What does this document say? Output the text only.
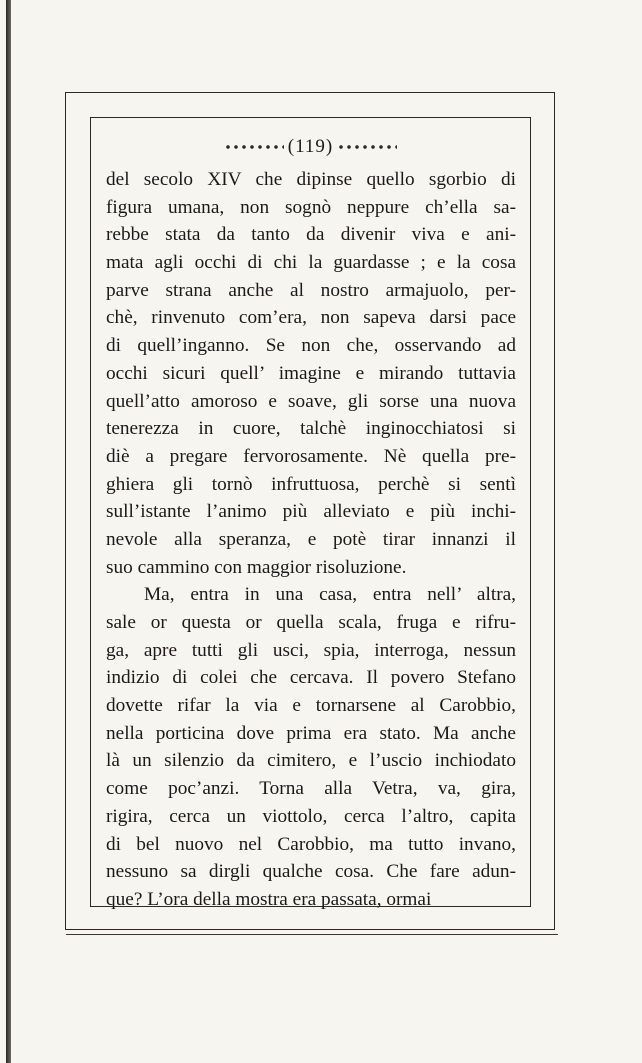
( 119 )
del secolo XIV che dipinse quello sgorbio di
figura umana, non sognò neppure ch’ella sa-
rebbe stata da tanto da divenir viva e ani-
mata agli occhi di chi la guardasse ; e la cosa
parve strana anche al nostro armajuolo, per-
chè, rinvenuto com’era, non sapeva darsi pace
di quell’inganno. Se non che, osservando ad
occhi sicuri quell’ imagine e mirando tuttavia
quell’atto amoroso e soave, gli sorse una nuova
tenerezza in cuore, talchè inginocchiatosi si
diè a pregare fervorosamente. Nè quella pre-
ghiera gli tornò infruttuosa, perchè si sentì
sull’istante l’animo più alleviato e più inchi-
nevole alla speranza, e potè tirar innanzi il
suo cammino con maggior risoluzione.
Ma, entra in una casa, entra nell’ altra,
sale or questa or quella scala, fruga e rifru-
ga, apre tutti gli usci, spia, interroga, nessun
indizio di colei che cercava. Il povero Stefano
dovette rifar la via e tornarsene al Carobbio,
nella porticina dove prima era stato. Ma anche
là un silenzio da cimitero, e l’uscio inchiodato
come poc’anzi. Torna alla Vetra, va, gira,
rigira, cerca un viottolo, cerca l’altro, capita
di bel nuovo nel Carobbio, ma tutto invano,
nessuno sa dirgli qualche cosa. Che fare adun-
que? L’ora della mostra era passata, ormai
